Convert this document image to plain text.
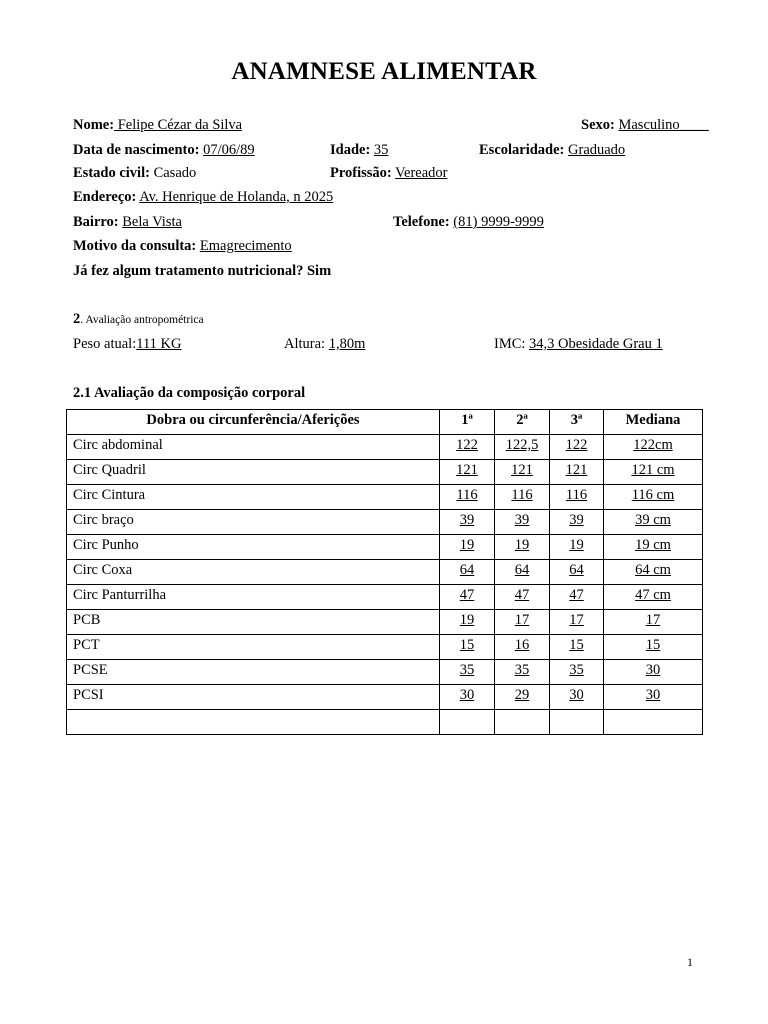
ANAMNESE ALIMENTAR
Nome: Felipe Cézar da Silva	Sexo: Masculino____
Data de nascimento: 07/06/89	Idade: 35	Escolaridade: Graduado
Estado civil: Casado	Profissão: Vereador
Endereço: Av. Henrique de Holanda, n 2025
Bairro: Bela Vista	Telefone: (81) 9999-9999
Motivo da consulta: Emagrecimento
Já fez algum tratamento nutricional? Sim
2. Avaliação antropométrica
Peso atual:111 KG	Altura: 1,80m	IMC: 34,3 Obesidade Grau 1
2.1 Avaliação da composição corporal
Dobra ou circunferência/Aferições	1ª	2ª	3ª	Mediana
Circ abdominal	122	122,5	122	122cm
Circ Quadril	121	121	121	121 cm
Circ Cintura	116	116	116	116 cm
Circ braço	39	39	39	39 cm
Circ Punho	19	19	19	19 cm
Circ Coxa	64	64	64	64 cm
Circ Panturrilha	47	47	47	47 cm
PCB	19	17	17	17
PCT	15	16	15	15
PCSE	35	35	35	30
PCSI	30	29	30	30

1
